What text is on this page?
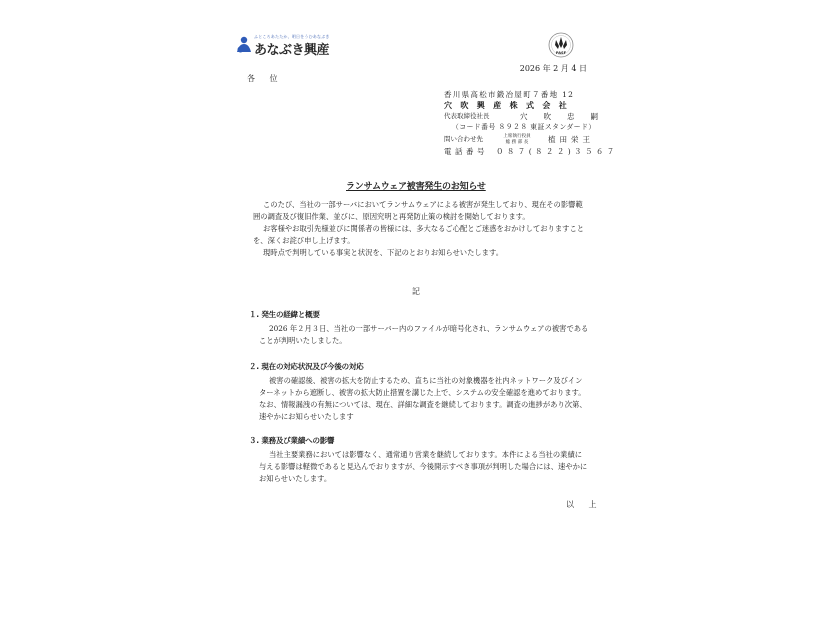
ふところあたたか、明日をうむあなぶき
あなぶき興産	PASF
2026 年 2 月 4 日
各 位
香川県高松市鍛冶屋町７番地 12
穴吹興産株式会社
代表取締役社長	穴吹忠嗣
（コード番号 ８９２８ 東証スタンダード）
問い合わせ先	上席執行役員
総 務 部 長	植田栄王
電話番号	０８７(８２２)３５６７
ランサムウェア被害発生のお知らせ

このたび、当社の一部サーバにおいてランサムウェアによる被害が発生しており、現在その影響範囲の調査及び復旧作業、並びに、原因究明と再発防止策の検討を開始しております。

お客様やお取引先様並びに関係者の皆様には、多大なるご心配とご迷惑をおかけしておりますことを、深くお詫び申し上げます。

現時点で判明している事実と状況を、下記のとおりお知らせいたします。

記
１. 発生の経緯と概要

2026 年２月３日、当社の一部サーバー内のファイルが暗号化され、ランサムウェアの被害であることが判明いたしました。

２. 現在の対応状況及び今後の対応

被害の確認後、被害の拡大を防止するため、直ちに当社の対象機器を社内ネットワーク及びインターネットから遮断し、被害の拡大防止措置を講じた上で、システムの安全確認を進めております。なお、情報漏洩の有無については、現在、詳細な調査を継続しております。調査の進捗があり次第、速やかにお知らせいたします

３. 業務及び業績への影響

当社主要業務においては影響なく、通常通り営業を継続しております。本件による当社の業績に与える影響は軽微であると見込んでおりますが、今後開示すべき事項が判明した場合には、速やかにお知らせいたします。

以 上
